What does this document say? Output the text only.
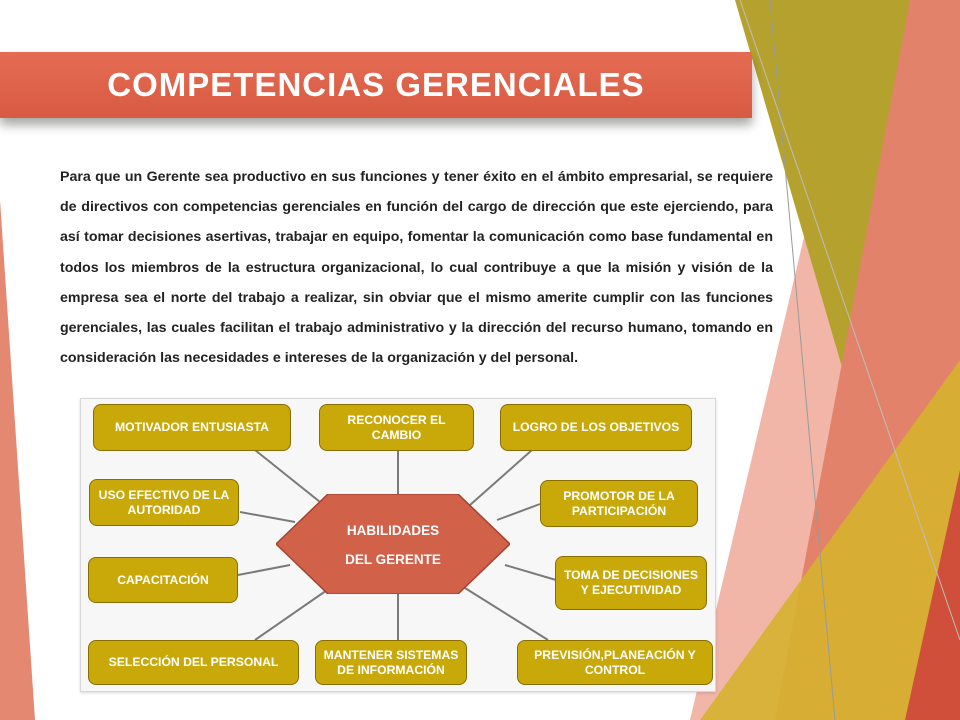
COMPETENCIAS GERENCIALES

Para que un Gerente sea productivo en sus funciones y tener éxito en el ámbito empresarial, se requiere de directivos con competencias gerenciales en función del cargo de dirección que este ejerciendo, para así tomar decisiones asertivas, trabajar en equipo, fomentar la comunicación como base fundamental en todos los miembros de la estructura organizacional, lo cual contribuye a que la misión y visión de la empresa sea el norte del trabajo a realizar, sin obviar que el mismo amerite cumplir con las funciones gerenciales, las cuales facilitan el trabajo administrativo y la dirección del recurso humano, tomando en consideración las necesidades e intereses de la organización y del personal.

HABILIDADES
DEL GERENTE
MOTIVADOR ENTUSIASTA
RECONOCER EL CAMBIO
LOGRO DE LOS OBJETIVOS
USO EFECTIVO DE LA AUTORIDAD
PROMOTOR DE LA PARTICIPACIÓN
CAPACITACIÓN	TOMA DE DECISIONES Y EJECUTIVIDAD
SELECCIÓN DEL PERSONAL
MANTENER SISTEMAS DE INFORMACIÓN
PREVISIÓN,PLANEACIÓN Y CONTROL
